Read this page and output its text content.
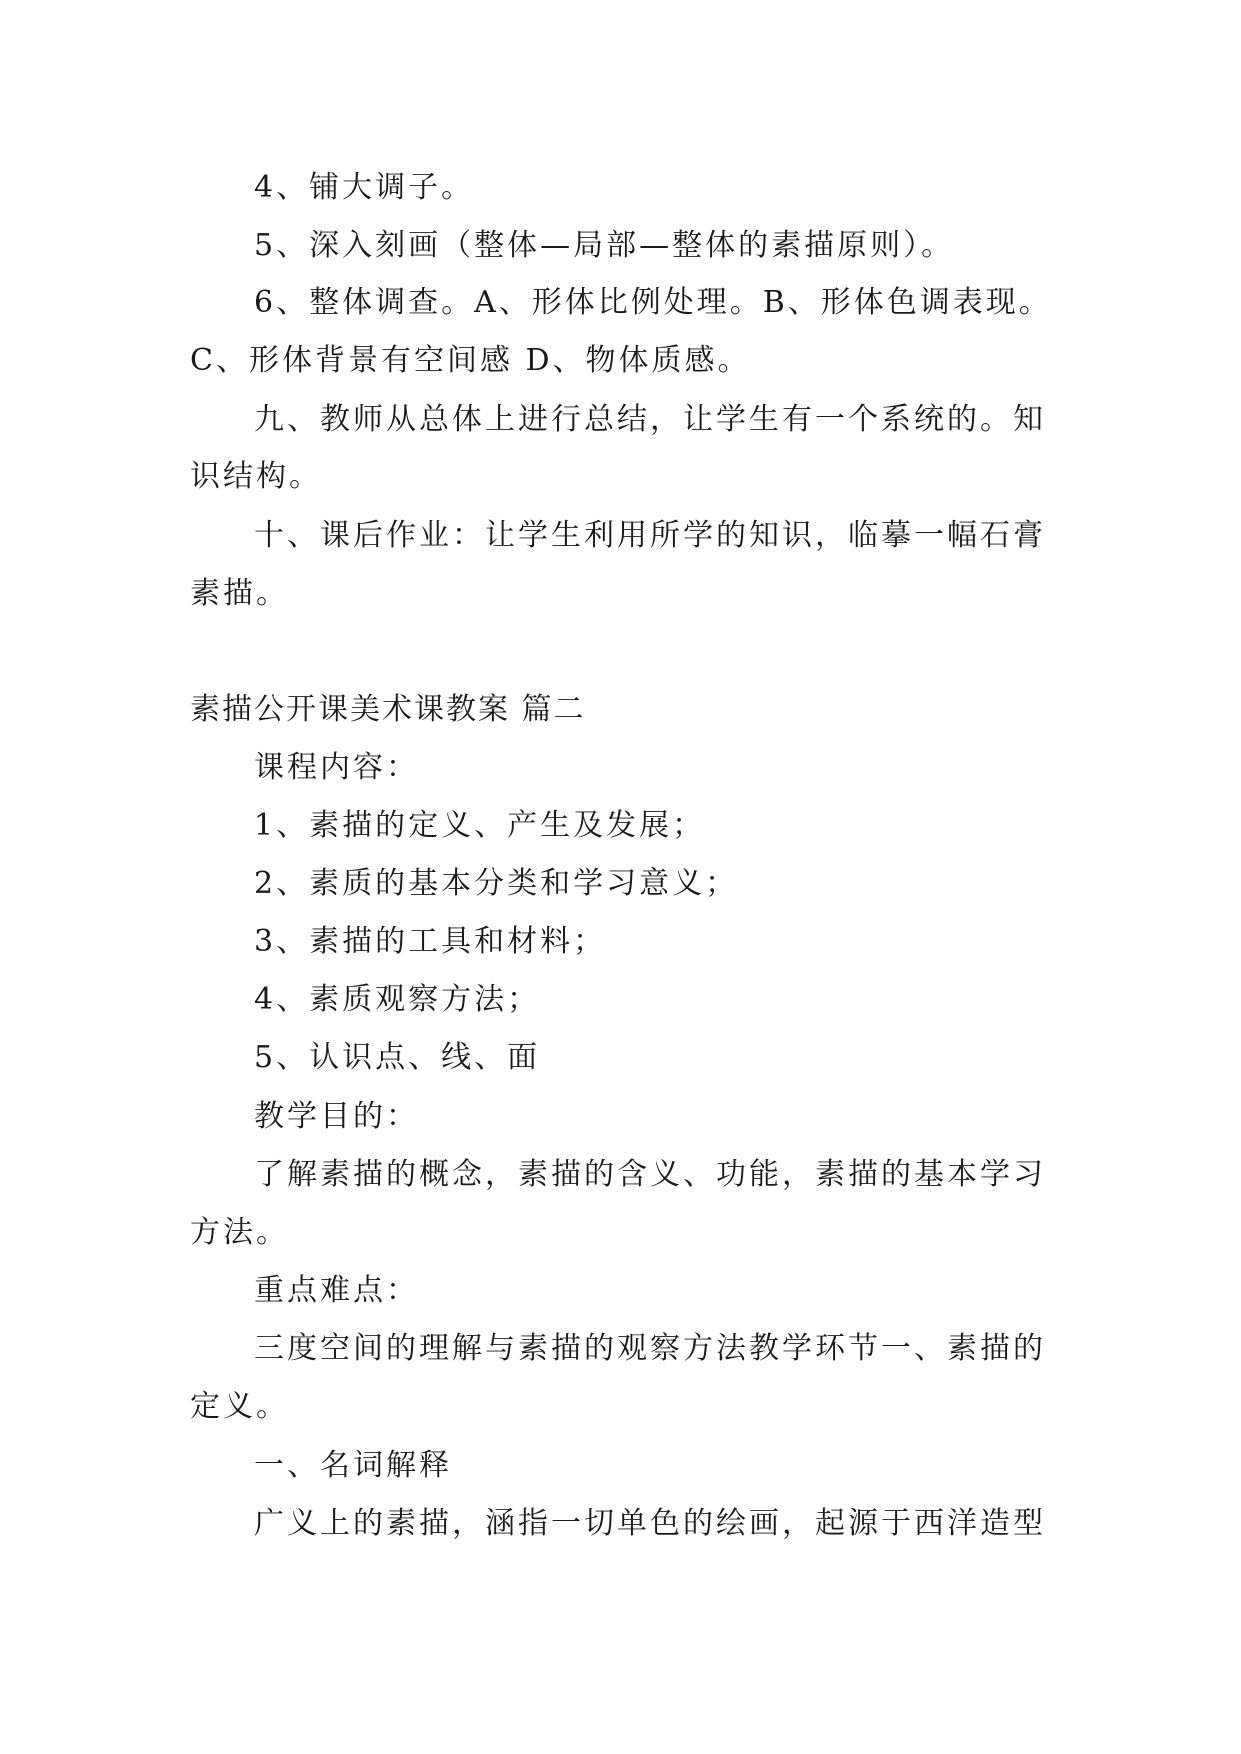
4、铺大调子。
5、深入刻画（整体—局部—整体的素描原则）。
6、整体调查。A、形体比例处理。B、形体色调表现。
C、形体背景有空间感 D、物体质感。
九、教师从总体上进行总结，让学生有一个系统的。知
识结构。
十、课后作业：让学生利用所学的知识，临摹一幅石膏
素描。
素描公开课美术课教案 篇二
课程内容：
1、素描的定义、产生及发展；
2、素质的基本分类和学习意义；
3、素描的工具和材料；
4、素质观察方法；
5、认识点、线、面
教学目的：
了解素描的概念，素描的含义、功能，素描的基本学习
方法。
重点难点：
三度空间的理解与素描的观察方法教学环节一、素描的
定义。
一、名词解释
广义上的素描，涵指一切单色的绘画，起源于西洋造型
